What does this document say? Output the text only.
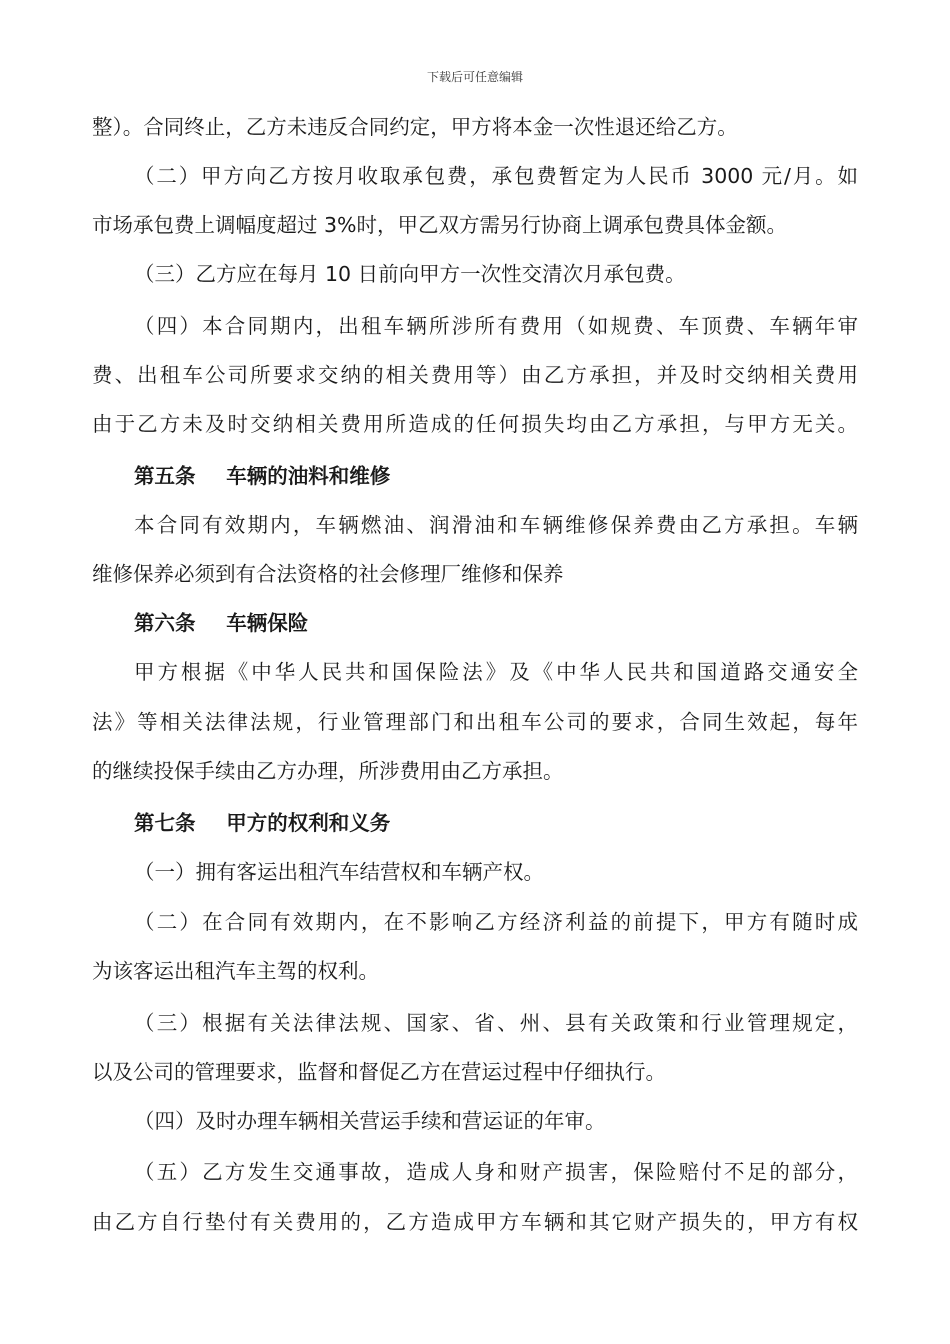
下载后可任意编辑
整）。合同终止，乙方未违反合同约定，甲方将本金一次性退还给乙方。
（二）甲方向乙方按月收取承包费，承包费暂定为人民币 3000 元/月。如
市场承包费上调幅度超过 3%时，甲乙双方需另行协商上调承包费具体金额。
（三）乙方应在每月 10 日前向甲方一次性交清次月承包费。
（四）本合同期内，出租车辆所涉所有费用（如规费、车顶费、车辆年审
费、出租车公司所要求交纳的相关费用等）由乙方承担，并及时交纳相关费用
由于乙方未及时交纳相关费用所造成的任何损失均由乙方承担，与甲方无关。
第五条 车辆的油料和维修
本合同有效期内，车辆燃油、润滑油和车辆维修保养费由乙方承担。车辆
维修保养必须到有合法资格的社会修理厂维修和保养
第六条 车辆保险
甲方根据《中华人民共和国保险法》及《中华人民共和国道路交通安全
法》等相关法律法规，行业管理部门和出租车公司的要求，合同生效起，每年
的继续投保手续由乙方办理，所涉费用由乙方承担。
第七条 甲方的权利和义务
（一）拥有客运出租汽车结营权和车辆产权。
（二）在合同有效期内，在不影响乙方经济利益的前提下，甲方有随时成
为该客运出租汽车主驾的权利。
（三）根据有关法律法规、国家、省、州、县有关政策和行业管理规定，
以及公司的管理要求，监督和督促乙方在营运过程中仔细执行。
（四）及时办理车辆相关营运手续和营运证的年审。
（五）乙方发生交通事故，造成人身和财产损害，保险赔付不足的部分，
由乙方自行垫付有关费用的，乙方造成甲方车辆和其它财产损失的，甲方有权
